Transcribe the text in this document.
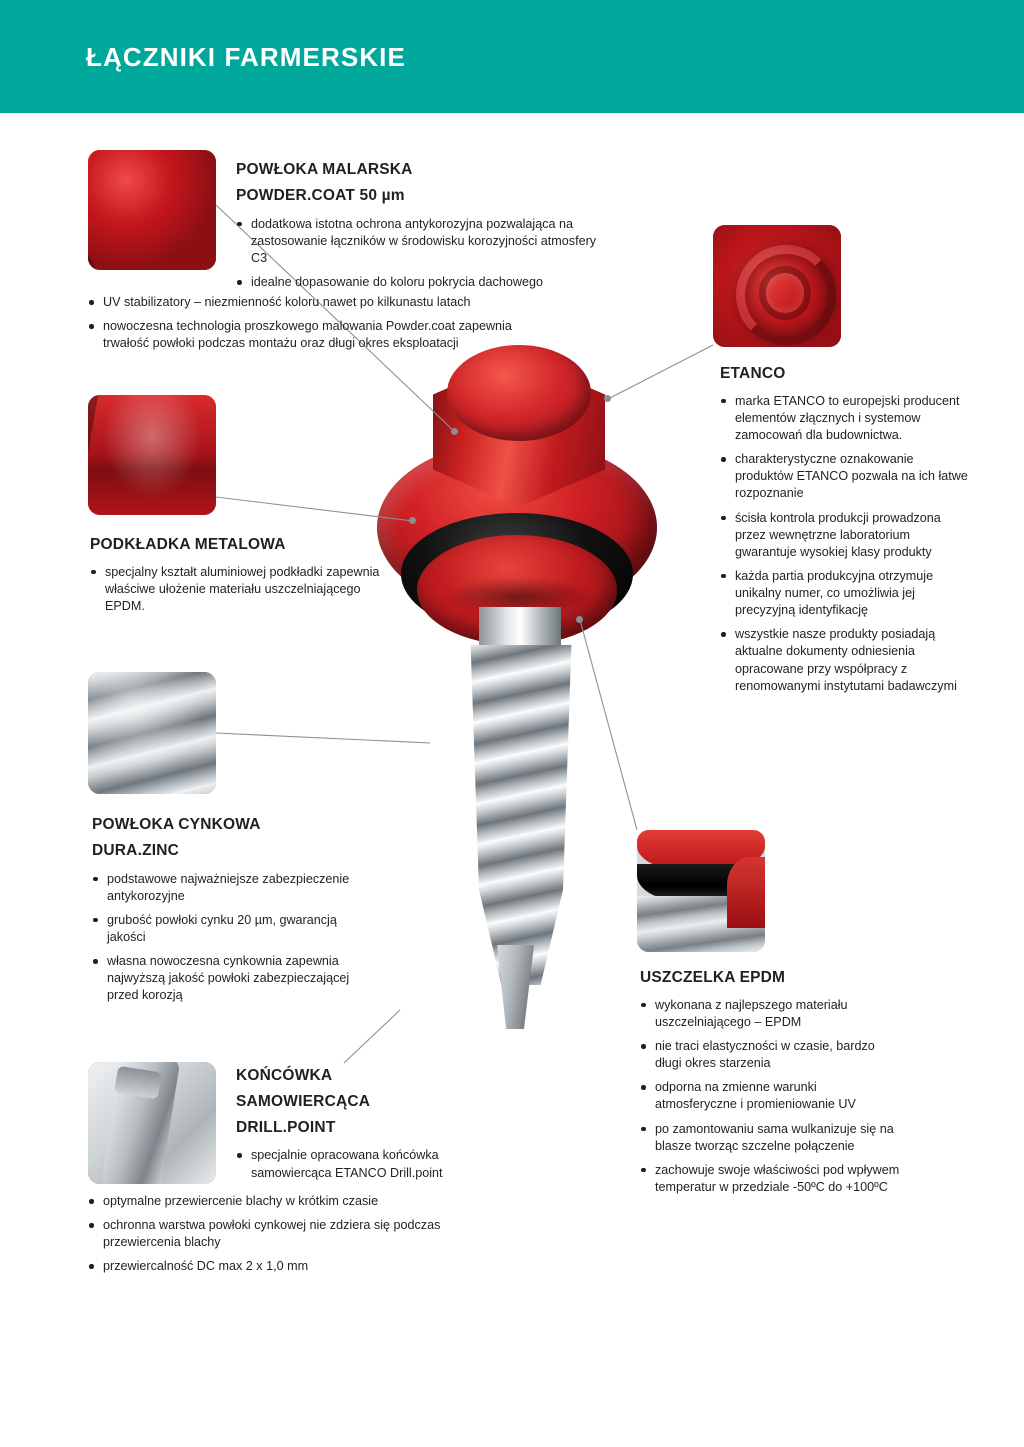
ŁĄCZNIKI FARMERSKIE
POWŁOKA MALARSKA
POWDER.COAT 50 µm
dodatkowa istotna ochrona antykorozyjna pozwalająca na zastosowanie łączników w środowisku korozyjności atmosfery C3
idealne dopasowanie do koloru pokrycia dachowego
UV stabilizatory – niezmienność koloru nawet po kilkunastu latach
nowoczesna technologia proszkowego malowania Powder.coat zapewnia trwałość powłoki podczas montażu oraz długi okres eksploatacji
PODKŁADKA METALOWA
specjalny kształt aluminiowej podkładki zapewnia właściwe ułożenie materiału uszczelniającego EPDM.
POWŁOKA CYNKOWA
DURA.ZINC
podstawowe najważniejsze zabezpieczenie antykorozyjne
grubość powłoki cynku 20 µm, gwarancją jakości
własna nowoczesna cynkownia zapewnia najwyższą jakość powłoki zabezpieczającej przed korozją
KOŃCÓWKA
SAMOWIERCĄCA
DRILL.POINT
specjalnie opracowana końcówka samowiercąca ETANCO Drill.point
optymalne przewiercenie blachy w krótkim czasie
ochronna warstwa powłoki cynkowej nie zdziera się podczas przewiercenia blachy
przewiercalność DC max 2 x 1,0 mm
ETANCO
marka ETANCO to europejski producent elementów złącznych i systemow zamocowań dla budownictwa.
charakterystyczne oznakowanie produktów ETANCO pozwala na ich łatwe rozpoznanie
ścisła kontrola produkcji prowadzona przez wewnętrzne laboratorium gwarantuje wysokiej klasy produkty
każda partia produkcyjna otrzymuje unikalny numer, co umożliwia jej precyzyjną identyfikację
wszystkie nasze produkty posiadają aktualne dokumenty odniesienia opracowane przy współpracy z renomowanymi instytutami badawczymi
USZCZELKA EPDM
wykonana z najlepszego materiału uszczelniającego – EPDM
nie traci elastyczności w czasie, bardzo długi okres starzenia
odporna na zmienne warunki atmosferyczne i promieniowanie UV
po zamontowaniu sama wulkanizuje się na blasze tworząc szczelne połączenie
zachowuje swoje właściwości pod wpływem temperatur w przedziale -50ºC do +100ºC
